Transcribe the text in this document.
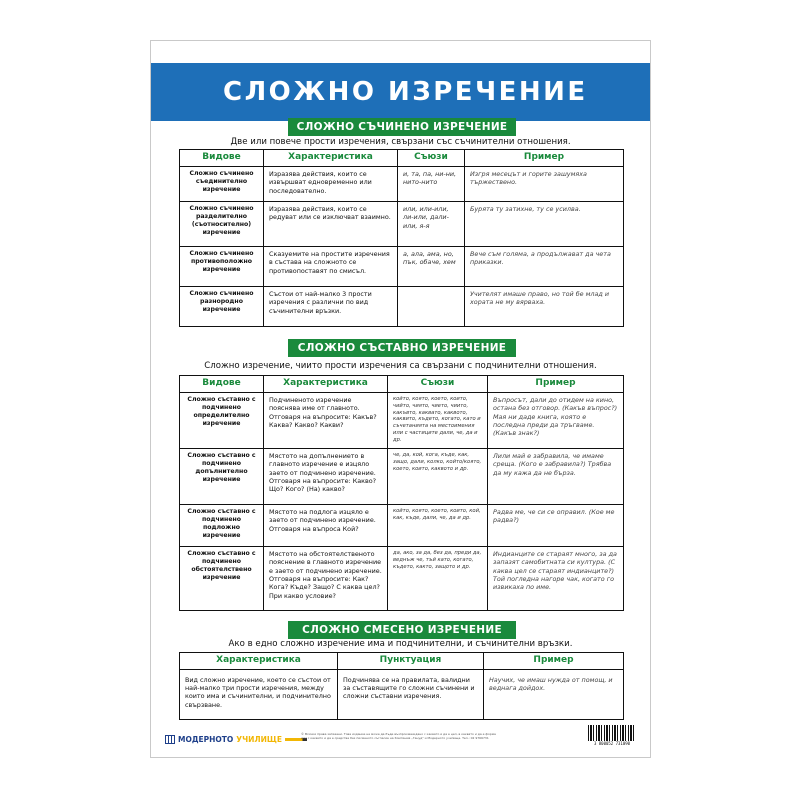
СЛОЖНО ИЗРЕЧЕНИЕ
СЛОЖНО СЪЧИНЕНО ИЗРЕЧЕНИЕ
Две или повече прости изречения, свързани със съчинителни отношения.
Видове	Характеристика	Съюзи	Пример
Сложно съчинено съединително изречение	Изразява действия, които се извършват едновременно или последователно.	и, та, па, ни-ни, нито-нито	Изгря месецът и горите зашумяха тържествено.
Сложно съчинено разделително (съотносително) изречение	Изразява действия, които се редуват или се изключват взаимно.	или, или-или, ли-или, дали-или, я-я	Бурята ту затихне, ту се усилва.
Сложно съчинено противоположно изречение	Сказуемите на простите изречения в състава на сложното се противопоставят по смисъл.	а, ала, ама, но, пък, обаче, хем	Вече съм голяма, а продължават да чета приказки.
Сложно съчинено разнородно изречение	Състои от най-малко 3 прости изречения с различни по вид съчинителни връзки.		Учителят имаше право, но той бе млад и хората не му вярваха.
СЛОЖНО СЪСТАВНО ИЗРЕЧЕНИЕ
Сложно изречение, чиито прости изречения са свързани с подчинителни отношения.
Видове	Характеристика	Съюзи	Пример
Сложно съставно с подчинено определително изречение	Подчиненото изречение пояснява име от главното. Отговаря на въпросите: Какъв? Каква? Какво? Какви?	който, която, което, които, чийто, чиято, чието, чиито, какъвто, каквато, каквото, каквито, където, когато, като и съчетанията на местоимения или с частиците дали, че, да и др.	Въпросът, дали до отидем на кино, остана без отговор. (Какъв въпрос?) Мая ни даде книга, която е последна преди да тръгваме. (Какъв знак?)
Сложно съставно с подчинено допълнително изречение	Мястото на допълнението в главното изречение е изцяло заето от подчинено изречение. Отговаря на въпросите: Какво? Що? Кого? (На) какво?	че, да, кой, кога, къде, как, защо, дали, колко, който/която, което, които, каквото и др.	Лили май е забравила, че имаме среща. (Кого е забравила?) Трябва да му кажа да не бърза.
Сложно съставно с подчинено подложно изречение	Мястото на подлога изцяло е заето от подчинено изречение. Отговаря на въпроса Кой?	който, която, което, които, кой, как, къде, дали, че, да и др.	Радва ме, че си се оправил. (Кое ме радва?)
Сложно съставно с подчинено обстоятелствено изречение	Мястото на обстоятелственото пояснение в главното изречение е заето от подчинено изречение. Отговаря на въпросите: Как? Кога? Къде? Защо? С каква цел? При какво условие?	да, ако, за да, без да, преди да, веднъж че, тъй като, когато, където, както, защото и др.	Индианците се стараят много, за да запазят самобитната си култура. (С каква цел се стараят индианците?) Той погледна нагоре чак, когато го извикаха по име.
СЛОЖНО СМЕСЕНО ИЗРЕЧЕНИЕ
Ако в едно сложно изречение има и подчинителни, и съчинителни връзки.
Характеристика	Пунктуация	Пример
Вид сложно изречение, което се състои от най-малко три прости изречения, между които има и съчинителни, и подчинително свързване.	Подчинява се на правилата, валидни за съставящите го сложни съчинени и сложни съставни изречения.	Научих, че имаш нужда от помощ, и веднага дойдох.
МОДЕРНОТО УЧИЛИЩЕ
© Всички права запазени. Това издание не може да бъде възпроизвеждано с каквато и да е цел, в каквато и да е форма или с каквито и да е средства без писменото съгласие на Компания „Гануд" и Модерното училище. Тел.: 02 9766731
3 800052 731090
